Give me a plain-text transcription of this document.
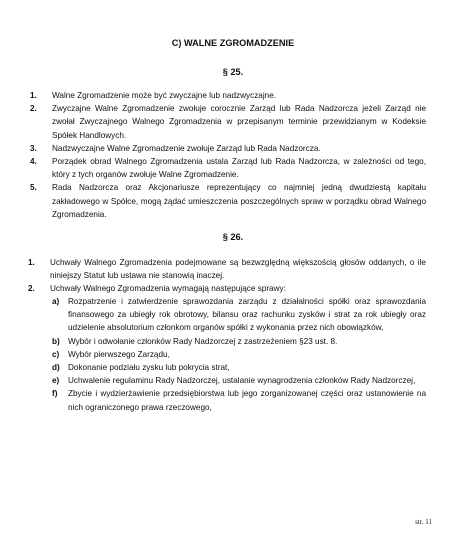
C) WALNE ZGROMADZENIE
§ 25.
1. Walne Zgromadzenie może być zwyczajne lub nadzwyczajne.
2. Zwyczajne Walne Zgromadzenie zwołuje corocznie Zarząd lub Rada Nadzorcza jeżeli Zarząd nie zwołał Zwyczajnego Walnego Zgromadzenia w przepisanym terminie przewidzianym w Kodeksie Spółek Handlowych.
3. Nadzwyczajne Walne Zgromadzenie zwołuje Zarząd lub Rada Nadzorcza.
4. Porządek obrad Walnego Zgromadzenia ustala Zarząd lub Rada Nadzorcza, w zależności od tego, który z tych organów zwołuje Walne Zgromadzenie.
5. Rada Nadzorcza oraz Akcjonariusze reprezentujący co najmniej jedną dwudziestą kapitału zakładowego w Spółce, mogą żądać umieszczenia poszczególnych spraw w porządku obrad Walnego Zgromadzenia.
§ 26.
1. Uchwały Walnego Zgromadzenia podejmowane są bezwzględną większością głosów oddanych, o ile niniejszy Statut lub ustawa nie stanowią inaczej.
2. Uchwały Walnego Zgromadzenia wymagają następujące sprawy:
a) Rozpatrzenie i zatwierdzenie sprawozdania zarządu z działalności spółki oraz sprawozdania finansowego za ubiegły rok obrotowy, bilansu oraz rachunku zysków i strat za rok ubiegły oraz udzielenie absolutorium członkom organów spółki z wykonania przez nich obowiązków,
b) Wybór i odwołanie członków Rady Nadzorczej z zastrzeżeniem §23 ust. 8.
c) Wybór pierwszego Zarządu,
d) Dokonanie podziału zysku lub pokrycia strat,
e) Uchwalenie regulaminu Rady Nadzorczej, ustalanie wynagrodzenia członków Rady Nadzorczej,
f) Zbycie i wydzierżawienie przedsiębiorstwa lub jego zorganizowanej części oraz ustanowienie na nich ograniczonego prawa rzeczowego,
str. 11
